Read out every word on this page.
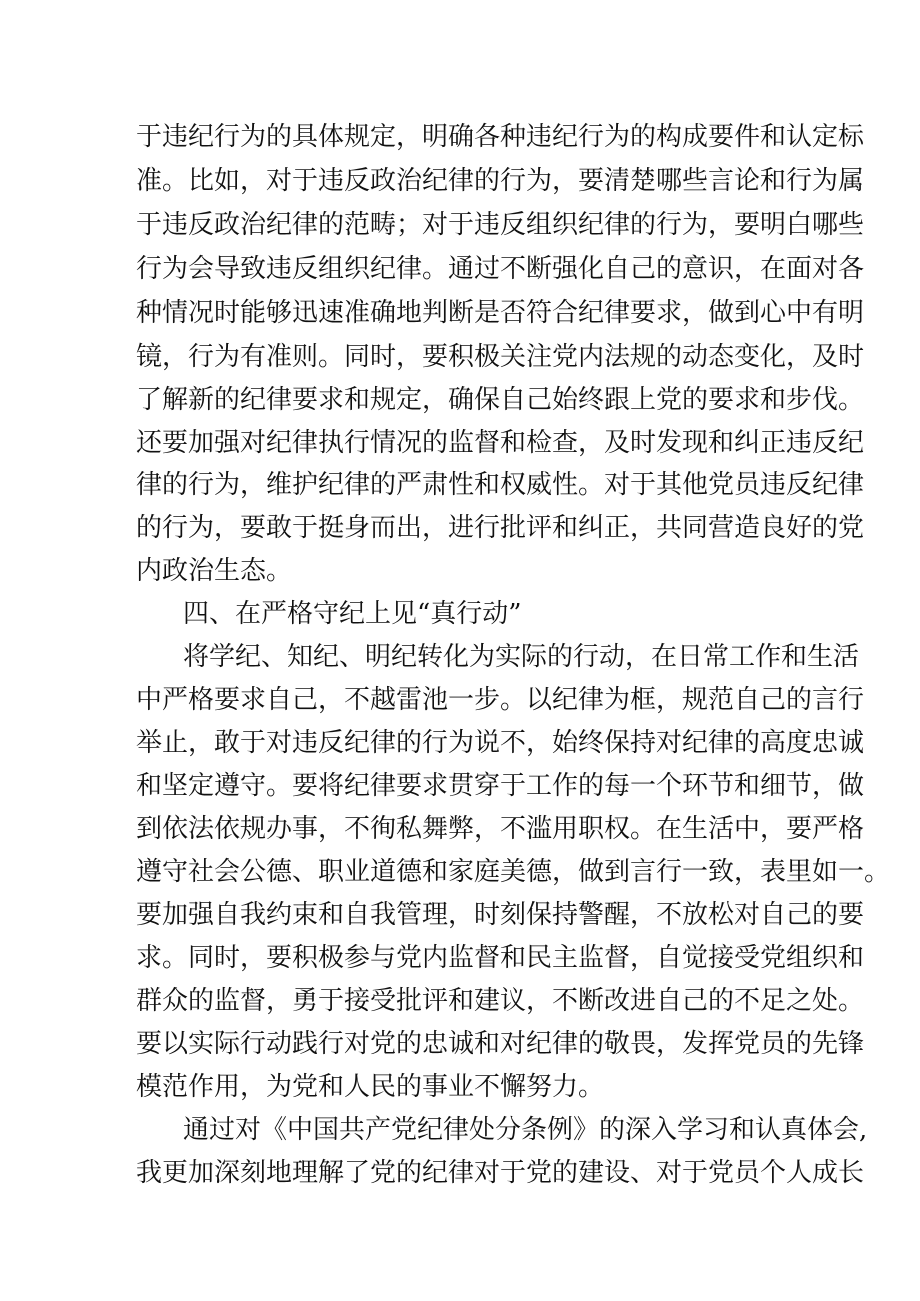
于违纪行为的具体规定，明确各种违纪行为的构成要件和认定标
准。比如，对于违反政治纪律的行为，要清楚哪些言论和行为属
于违反政治纪律的范畴；对于违反组织纪律的行为，要明白哪些
行为会导致违反组织纪律。通过不断强化自己的意识，在面对各
种情况时能够迅速准确地判断是否符合纪律要求，做到心中有明
镜，行为有准则。同时，要积极关注党内法规的动态变化，及时
了解新的纪律要求和规定，确保自己始终跟上党的要求和步伐。
还要加强对纪律执行情况的监督和检查，及时发现和纠正违反纪
律的行为，维护纪律的严肃性和权威性。对于其他党员违反纪律
的行为，要敢于挺身而出，进行批评和纠正，共同营造良好的党
内政治生态。
四、在严格守纪上见“真行动”
将学纪、知纪、明纪转化为实际的行动，在日常工作和生活
中严格要求自己，不越雷池一步。以纪律为框，规范自己的言行
举止，敢于对违反纪律的行为说不，始终保持对纪律的高度忠诚
和坚定遵守。要将纪律要求贯穿于工作的每一个环节和细节，做
到依法依规办事，不徇私舞弊，不滥用职权。在生活中，要严格
遵守社会公德、职业道德和家庭美德，做到言行一致，表里如一。
要加强自我约束和自我管理，时刻保持警醒，不放松对自己的要
求。同时，要积极参与党内监督和民主监督，自觉接受党组织和
群众的监督，勇于接受批评和建议，不断改进自己的不足之处。
要以实际行动践行对党的忠诚和对纪律的敬畏，发挥党员的先锋
模范作用，为党和人民的事业不懈努力。
通过对《中国共产党纪律处分条例》的深入学习和认真体会,
我更加深刻地理解了党的纪律对于党的建设、对于党员个人成长
